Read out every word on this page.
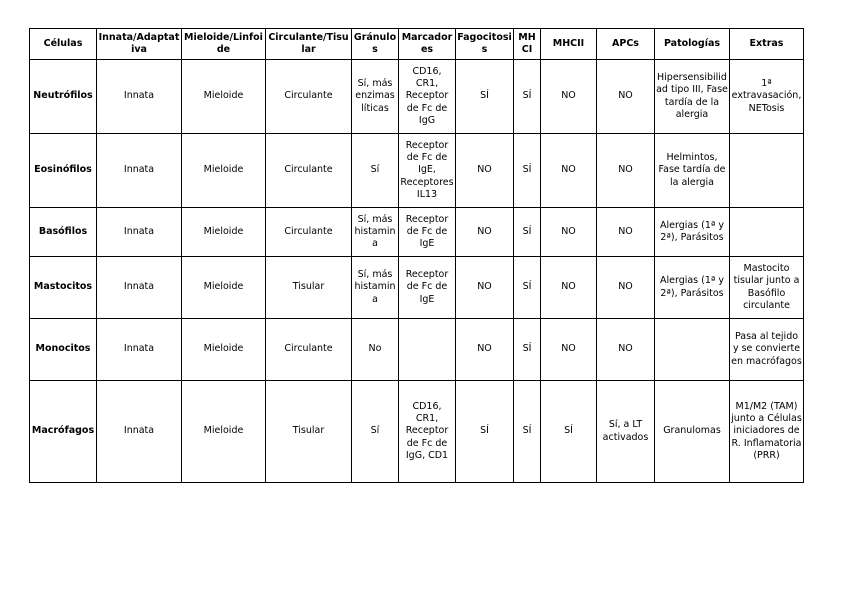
Células	Innata/Adaptativa	Mieloide/Linfoide	Circulante/Tisular	Gránulos	Marcadores	Fagocitosis	MHCI	MHCII	APCs	Patologías	Extras
Neutrófilos	Innata	Mieloide	Circulante	Sí, más enzimas líticas	CD16, CR1, Receptor de Fc de IgG	SÍ	SÍ	NO	NO	Hipersensibilidad tipo III, Fase tardía de la alergia	1ª extravasación, NETosis
Eosinófilos	Innata	Mieloide	Circulante	Sí	Receptor de Fc de IgE, Receptores IL13	NO	SÍ	NO	NO	Helmintos, Fase tardía de la alergia	
Basófilos	Innata	Mieloide	Circulante	Sí, más histamina	Receptor de Fc de IgE	NO	SÍ	NO	NO	Alergias (1ª y 2ª), Parásitos	
Mastocitos	Innata	Mieloide	Tisular	Sí, más histamina	Receptor de Fc de IgE	NO	SÍ	NO	NO	Alergias (1ª y 2ª), Parásitos	Mastocito tisular junto a Basófilo circulante
Monocitos	Innata	Mieloide	Circulante	No		NO	SÍ	NO	NO		Pasa al tejido y se convierte en macrófagos
Macrófagos	Innata	Mieloide	Tisular	Sí	CD16, CR1, Receptor de Fc de IgG, CD1	SÍ	SÍ	SÍ	Sí, a LT activados	Granulomas	M1/M2 (TAM) junto a Células iniciadores de R. Inflamatoria (PRR)
